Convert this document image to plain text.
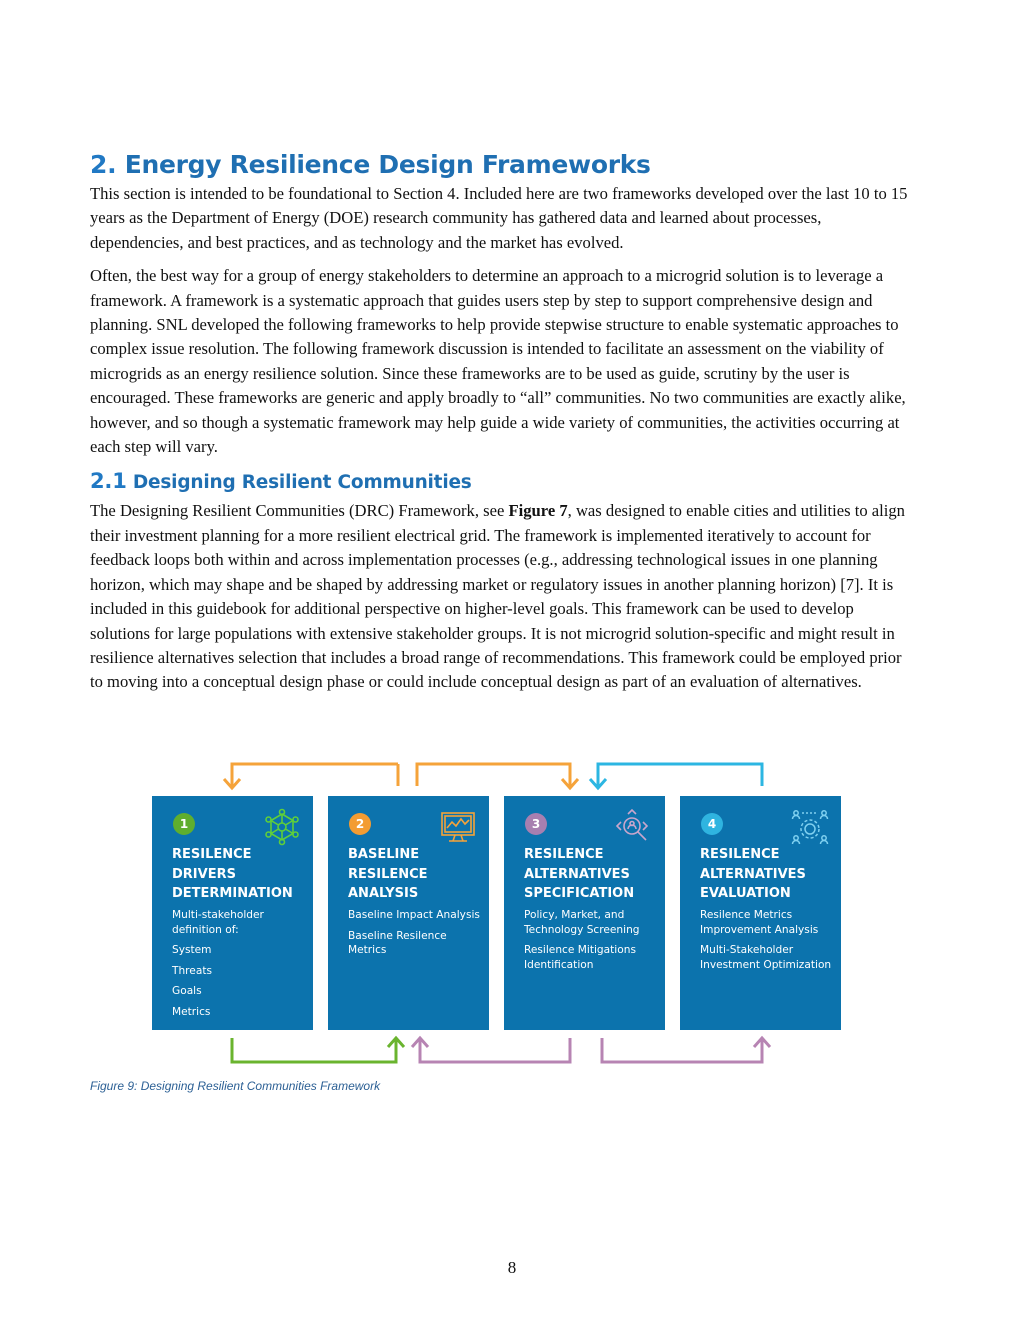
2. Energy Resilience Design Frameworks

This section is intended to be foundational to Section 4. Included here are two frameworks developed over the last 10 to 15 years as the Department of Energy (DOE) research community has gathered data and learned about processes, dependencies, and best practices, and as technology and the market has evolved.

Often, the best way for a group of energy stakeholders to determine an approach to a microgrid solution is to leverage a framework. A framework is a systematic approach that guides users step by step to support comprehensive design and planning. SNL developed the following frameworks to help provide stepwise structure to enable systematic approaches to complex issue resolution. The following framework discussion is intended to facilitate an assessment on the viability of microgrids as an energy resilience solution. Since these frameworks are to be used as guide, scrutiny by the user is encouraged. These frameworks are generic and apply broadly to “all” communities. No two communities are exactly alike, however, and so though a systematic framework may help guide a wide variety of communities, the activities occurring at each step will vary.

2.1 Designing Resilient Communities

The Designing Resilient Communities (DRC) Framework, see Figure 7, was designed to enable cities and utilities to align their investment planning for a more resilient electrical grid. The framework is implemented iteratively to account for feedback loops both within and across implementation processes (e.g., addressing technological issues in one planning horizon, which may shape and be shaped by addressing market or regulatory issues in another planning horizon) [7]. It is included in this guidebook for additional perspective on higher-level goals. This framework can be used to develop solutions for large populations with extensive stakeholder groups. It is not microgrid solution-specific and might result in resilience alternatives selection that includes a broad range of recommendations. This framework could be employed prior to moving into a conceptual design phase or could include conceptual design as part of an evaluation of alternatives.

1
RESILENCE
DRIVERS
DETERMINATION
Multi-stakeholder definition of:
System
Threats
Goals
Metrics
2
BASELINE
RESILENCE
ANALYSIS
Baseline Impact Analysis
Baseline Resilence Metrics
3
RESILENCE
ALTERNATIVES
SPECIFICATION
Policy, Market, and Technology Screening
Resilence Mitigations Identification
4
RESILENCE
ALTERNATIVES
EVALUATION
Resilence Metrics Improvement Analysis
Multi-Stakeholder Investment Optimization
Figure 9: Designing Resilient Communities Framework
8
